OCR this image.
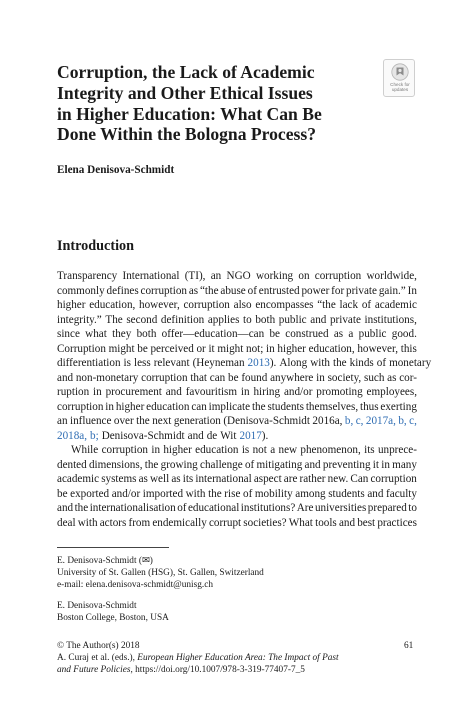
Corruption, the Lack of Academic
Integrity and Other Ethical Issues
in Higher Education: What Can Be
Done Within the Bologna Process?
Check for
updates
Elena Denisova-Schmidt
Introduction
Transparency International (TI), an NGO working on corruption worldwide,
commonly defines corruption as “the abuse of entrusted power for private gain.” In
higher education, however, corruption also encompasses “the lack of academic
integrity.” The second definition applies to both public and private institutions,
since what they both offer—education—can be construed as a public good.
Corruption might be perceived or it might not; in higher education, however, this
differentiation is less relevant (Heyneman 2013). Along with the kinds of monetary
and non-monetary corruption that can be found anywhere in society, such as cor-
ruption in procurement and favouritism in hiring and/or promoting employees,
corruption in higher education can implicate the students themselves, thus exerting
an influence over the next generation (Denisova-Schmidt 2016a, b, c, 2017a, b, c,
2018a, b; Denisova-Schmidt and de Wit 2017).
While corruption in higher education is not a new phenomenon, its unprece-
dented dimensions, the growing challenge of mitigating and preventing it in many
academic systems as well as its international aspect are rather new. Can corruption
be exported and/or imported with the rise of mobility among students and faculty
and the internationalisation of educational institutions? Are universities prepared to
deal with actors from endemically corrupt societies? What tools and best practices
E. Denisova-Schmidt (✉)
University of St. Gallen (HSG), St. Gallen, Switzerland
e-mail: elena.denisova-schmidt@unisg.ch
E. Denisova-Schmidt
Boston College, Boston, USA
© The Author(s) 2018
A. Curaj et al. (eds.), European Higher Education Area: The Impact of Past
and Future Policies, https://doi.org/10.1007/978-3-319-77407-7_5
61
